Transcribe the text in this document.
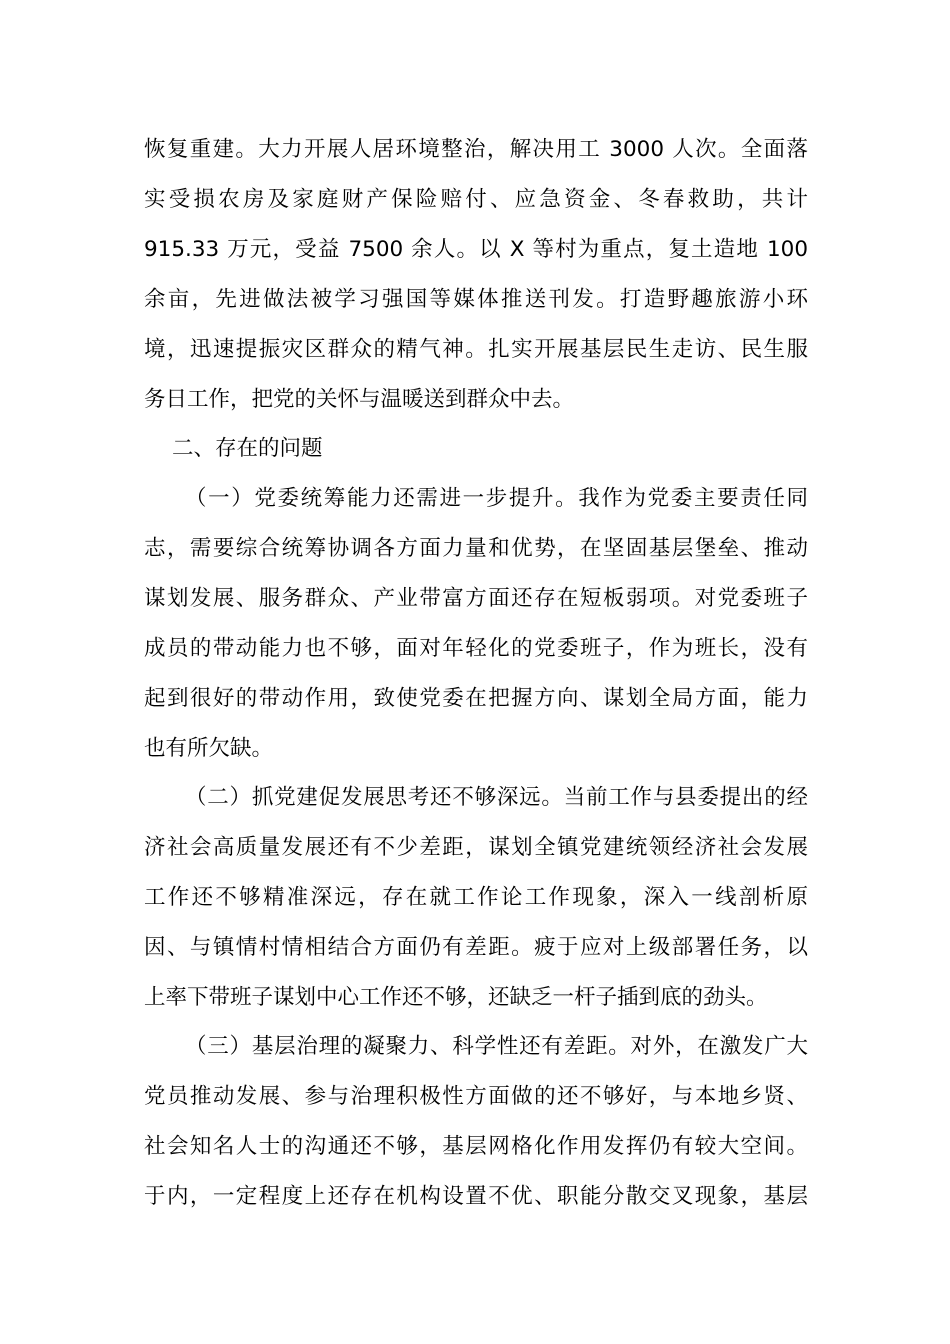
恢复重建。大力开展人居环境整治，解决用工 3000 人次。全面落
实受损农房及家庭财产保险赔付、应急资金、冬春救助，共计
915.33 万元，受益 7500 余人。以 X 等村为重点，复土造地 100
余亩，先进做法被学习强国等媒体推送刊发。打造野趣旅游小环
境，迅速提振灾区群众的精气神。扎实开展基层民生走访、民生服
务日工作，把党的关怀与温暖送到群众中去。
二、存在的问题
（一）党委统筹能力还需进一步提升。我作为党委主要责任同
志，需要综合统筹协调各方面力量和优势，在坚固基层堡垒、推动
谋划发展、服务群众、产业带富方面还存在短板弱项。对党委班子
成员的带动能力也不够，面对年轻化的党委班子，作为班长，没有
起到很好的带动作用，致使党委在把握方向、谋划全局方面，能力
也有所欠缺。
（二）抓党建促发展思考还不够深远。当前工作与县委提出的经
济社会高质量发展还有不少差距，谋划全镇党建统领经济社会发展
工作还不够精准深远，存在就工作论工作现象，深入一线剖析原
因、与镇情村情相结合方面仍有差距。疲于应对上级部署任务，以
上率下带班子谋划中心工作还不够，还缺乏一杆子插到底的劲头。
（三）基层治理的凝聚力、科学性还有差距。对外，在激发广大
党员推动发展、参与治理积极性方面做的还不够好，与本地乡贤、
社会知名人士的沟通还不够，基层网格化作用发挥仍有较大空间。
于内，一定程度上还存在机构设置不优、职能分散交叉现象，基层
